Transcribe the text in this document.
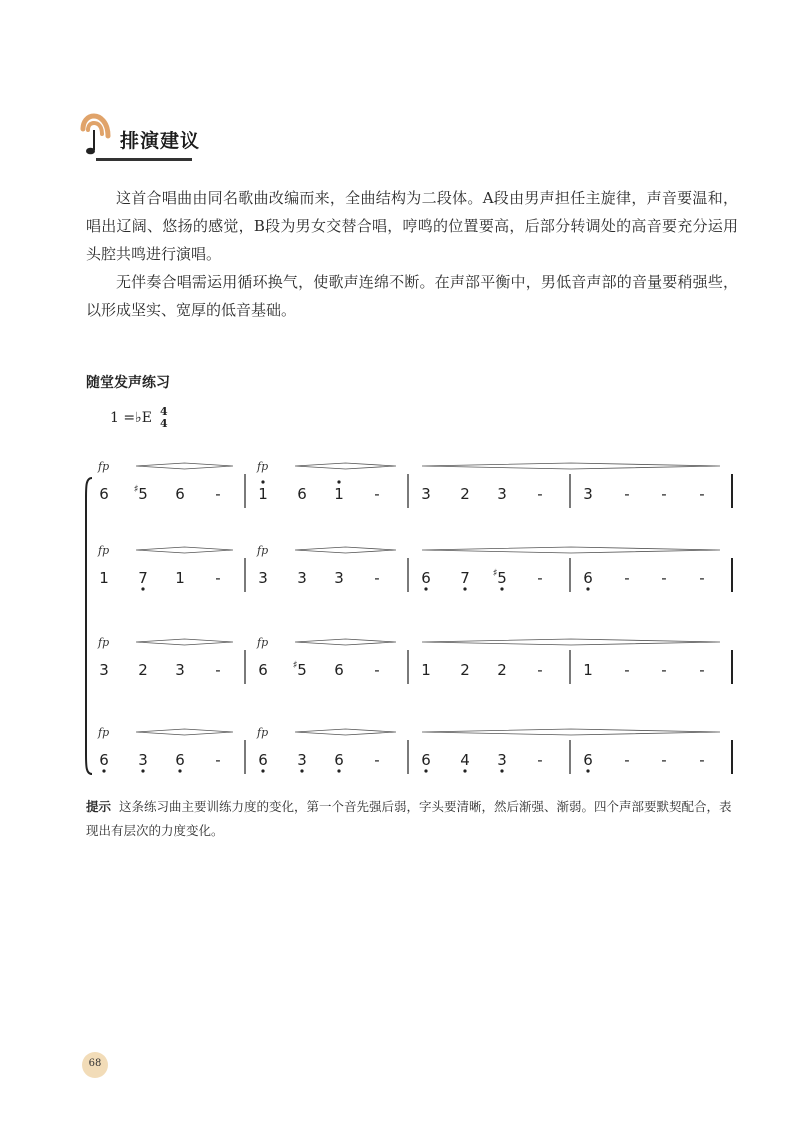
排演建议
这首合唱曲由同名歌曲改编而来，全曲结构为二段体。A段由男声担任主旋律，声音要温和，唱出辽阔、悠扬的感觉，B段为男女交替合唱，哼鸣的位置要高，后部分转调处的高音要充分运用头腔共鸣进行演唱。
无伴奏合唱需运用循环换气，使歌声连绵不断。在声部平衡中，男低音声部的音量要稍强些，以形成坚实、宽厚的低音基础。
随堂发声练习
1 =♭E 4
4
fp	fp
6 ♯ 5 6 -	1 6 1 -	3 2 3 -	3 - - -
fp	fp
1 7 1 -	3 3 3 -	6 7 ♯ 5 -	6 - - -
fp	fp
3 2 3 -	6 ♯ 5 6 -	1 2 2 -	1 - - -
fp	fp
6 3 6 -	6 3 6 -	6 4 3 -	6 - - -
提示 这条练习曲主要训练力度的变化，第一个音先强后弱，字头要清晰，然后渐强、渐弱。四个声部要默契配合，表现出有层次的力度变化。
68
